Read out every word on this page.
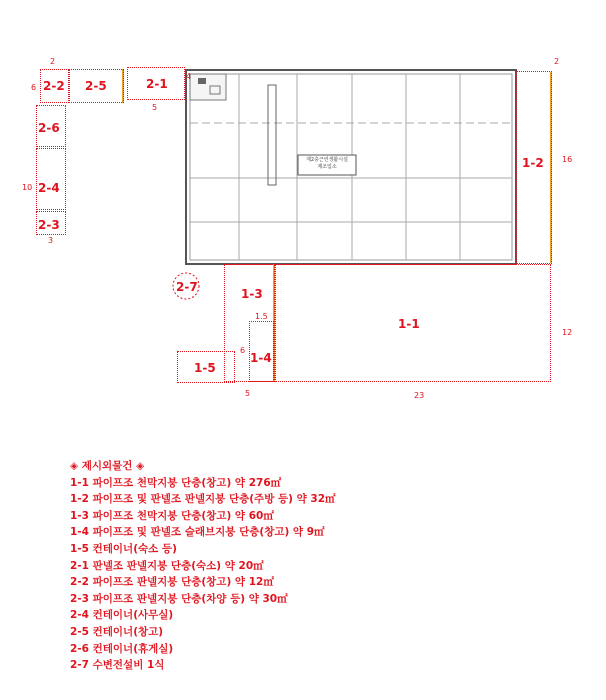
제2층근린생활시설
제조업소
2-2 2-5	2-1
2-6
2-4
2-3
1-2
1-1
1-3
1-4
1-5
2-7
2	2
6
5
4
10
3
16
12
1.5
6
5	23
◈ 제시외물건 ◈
1-1 파이프조 천막지붕 단층(창고) 약 276㎡
1-2 파이프조 및 판넬조 판넬지붕 단층(주방 등) 약 32㎡
1-3 파이프조 천막지붕 단층(창고) 약 60㎡
1-4 파이프조 및 판넬조 슬래브지붕 단층(창고) 약 9㎡
1-5 컨테이너(숙소 등)
2-1 판넬조 판넬지붕 단층(숙소) 약 20㎡
2-2 파이프조 판넬지붕 단층(창고) 약 12㎡
2-3 파이프조 판넬지붕 단층(차양 등) 약 30㎡
2-4 컨테이너(사무실)
2-5 컨테이너(창고)
2-6 컨테이너(휴게실)
2-7 수변전설비 1식
